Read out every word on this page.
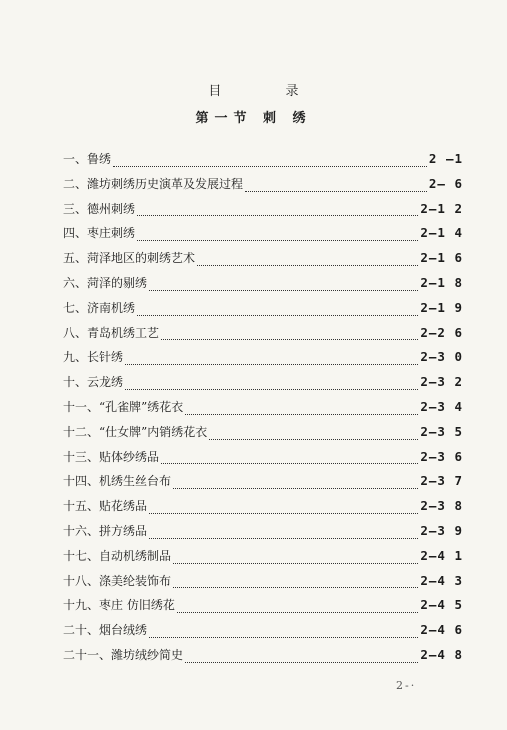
目 录
第一节 刺 绣
一、鲁绣	2 —1
二、潍坊刺绣历史演革及发展过程	2— 6
三、德州刺绣	2—1 2
四、枣庄刺绣	2—1 4
五、菏泽地区的刺绣艺术	2—1 6
六、菏泽的剔绣	2—1 8
七、济南机绣	2—1 9
八、青岛机绣工艺	2—2 6
九、长针绣	2—3 0
十、云龙绣	2—3 2
十一、“孔雀牌”绣花衣	2—3 4
十二、“仕女牌”内销绣花衣	2—3 5
十三、贴体纱绣品	2—3 6
十四、机绣生丝台布	2—3 7
十五、贴花绣品	2—3 8
十六、拼方绣品	2—3 9
十七、自动机绣制品	2—4 1
十八、涤美纶装饰布	2—4 3
十九、枣庄 仿旧绣花	2—4 5
二十、烟台绒绣	2—4 6
二十一、潍坊绒纱简史	2—4 8
2-·
